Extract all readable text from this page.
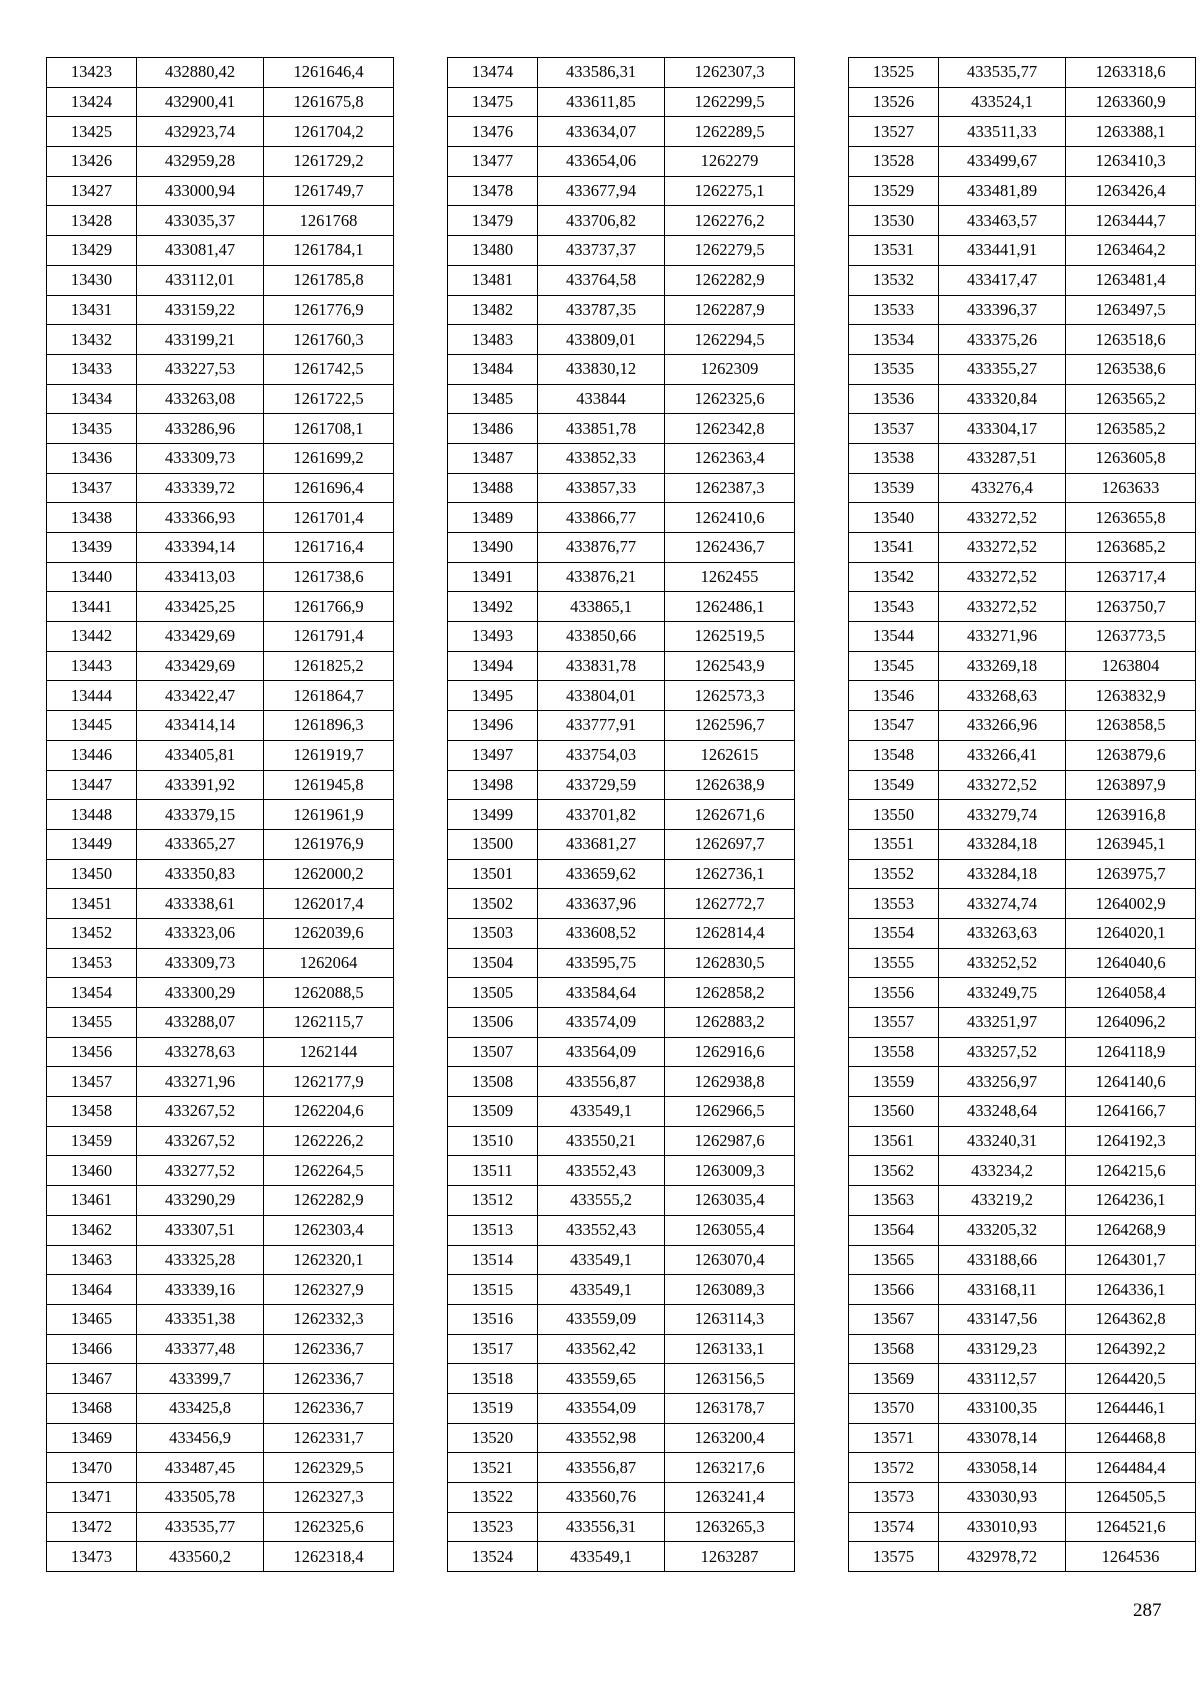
13423	432880,42	1261646,4
13424	432900,41	1261675,8
13425	432923,74	1261704,2
13426	432959,28	1261729,2
13427	433000,94	1261749,7
13428	433035,37	1261768
13429	433081,47	1261784,1
13430	433112,01	1261785,8
13431	433159,22	1261776,9
13432	433199,21	1261760,3
13433	433227,53	1261742,5
13434	433263,08	1261722,5
13435	433286,96	1261708,1
13436	433309,73	1261699,2
13437	433339,72	1261696,4
13438	433366,93	1261701,4
13439	433394,14	1261716,4
13440	433413,03	1261738,6
13441	433425,25	1261766,9
13442	433429,69	1261791,4
13443	433429,69	1261825,2
13444	433422,47	1261864,7
13445	433414,14	1261896,3
13446	433405,81	1261919,7
13447	433391,92	1261945,8
13448	433379,15	1261961,9
13449	433365,27	1261976,9
13450	433350,83	1262000,2
13451	433338,61	1262017,4
13452	433323,06	1262039,6
13453	433309,73	1262064
13454	433300,29	1262088,5
13455	433288,07	1262115,7
13456	433278,63	1262144
13457	433271,96	1262177,9
13458	433267,52	1262204,6
13459	433267,52	1262226,2
13460	433277,52	1262264,5
13461	433290,29	1262282,9
13462	433307,51	1262303,4
13463	433325,28	1262320,1
13464	433339,16	1262327,9
13465	433351,38	1262332,3
13466	433377,48	1262336,7
13467	433399,7	1262336,7
13468	433425,8	1262336,7
13469	433456,9	1262331,7
13470	433487,45	1262329,5
13471	433505,78	1262327,3
13472	433535,77	1262325,6
13473	433560,2	1262318,4
13474	433586,31	1262307,3
13475	433611,85	1262299,5
13476	433634,07	1262289,5
13477	433654,06	1262279
13478	433677,94	1262275,1
13479	433706,82	1262276,2
13480	433737,37	1262279,5
13481	433764,58	1262282,9
13482	433787,35	1262287,9
13483	433809,01	1262294,5
13484	433830,12	1262309
13485	433844	1262325,6
13486	433851,78	1262342,8
13487	433852,33	1262363,4
13488	433857,33	1262387,3
13489	433866,77	1262410,6
13490	433876,77	1262436,7
13491	433876,21	1262455
13492	433865,1	1262486,1
13493	433850,66	1262519,5
13494	433831,78	1262543,9
13495	433804,01	1262573,3
13496	433777,91	1262596,7
13497	433754,03	1262615
13498	433729,59	1262638,9
13499	433701,82	1262671,6
13500	433681,27	1262697,7
13501	433659,62	1262736,1
13502	433637,96	1262772,7
13503	433608,52	1262814,4
13504	433595,75	1262830,5
13505	433584,64	1262858,2
13506	433574,09	1262883,2
13507	433564,09	1262916,6
13508	433556,87	1262938,8
13509	433549,1	1262966,5
13510	433550,21	1262987,6
13511	433552,43	1263009,3
13512	433555,2	1263035,4
13513	433552,43	1263055,4
13514	433549,1	1263070,4
13515	433549,1	1263089,3
13516	433559,09	1263114,3
13517	433562,42	1263133,1
13518	433559,65	1263156,5
13519	433554,09	1263178,7
13520	433552,98	1263200,4
13521	433556,87	1263217,6
13522	433560,76	1263241,4
13523	433556,31	1263265,3
13524	433549,1	1263287
13525	433535,77	1263318,6
13526	433524,1	1263360,9
13527	433511,33	1263388,1
13528	433499,67	1263410,3
13529	433481,89	1263426,4
13530	433463,57	1263444,7
13531	433441,91	1263464,2
13532	433417,47	1263481,4
13533	433396,37	1263497,5
13534	433375,26	1263518,6
13535	433355,27	1263538,6
13536	433320,84	1263565,2
13537	433304,17	1263585,2
13538	433287,51	1263605,8
13539	433276,4	1263633
13540	433272,52	1263655,8
13541	433272,52	1263685,2
13542	433272,52	1263717,4
13543	433272,52	1263750,7
13544	433271,96	1263773,5
13545	433269,18	1263804
13546	433268,63	1263832,9
13547	433266,96	1263858,5
13548	433266,41	1263879,6
13549	433272,52	1263897,9
13550	433279,74	1263916,8
13551	433284,18	1263945,1
13552	433284,18	1263975,7
13553	433274,74	1264002,9
13554	433263,63	1264020,1
13555	433252,52	1264040,6
13556	433249,75	1264058,4
13557	433251,97	1264096,2
13558	433257,52	1264118,9
13559	433256,97	1264140,6
13560	433248,64	1264166,7
13561	433240,31	1264192,3
13562	433234,2	1264215,6
13563	433219,2	1264236,1
13564	433205,32	1264268,9
13565	433188,66	1264301,7
13566	433168,11	1264336,1
13567	433147,56	1264362,8
13568	433129,23	1264392,2
13569	433112,57	1264420,5
13570	433100,35	1264446,1
13571	433078,14	1264468,8
13572	433058,14	1264484,4
13573	433030,93	1264505,5
13574	433010,93	1264521,6
13575	432978,72	1264536
287
